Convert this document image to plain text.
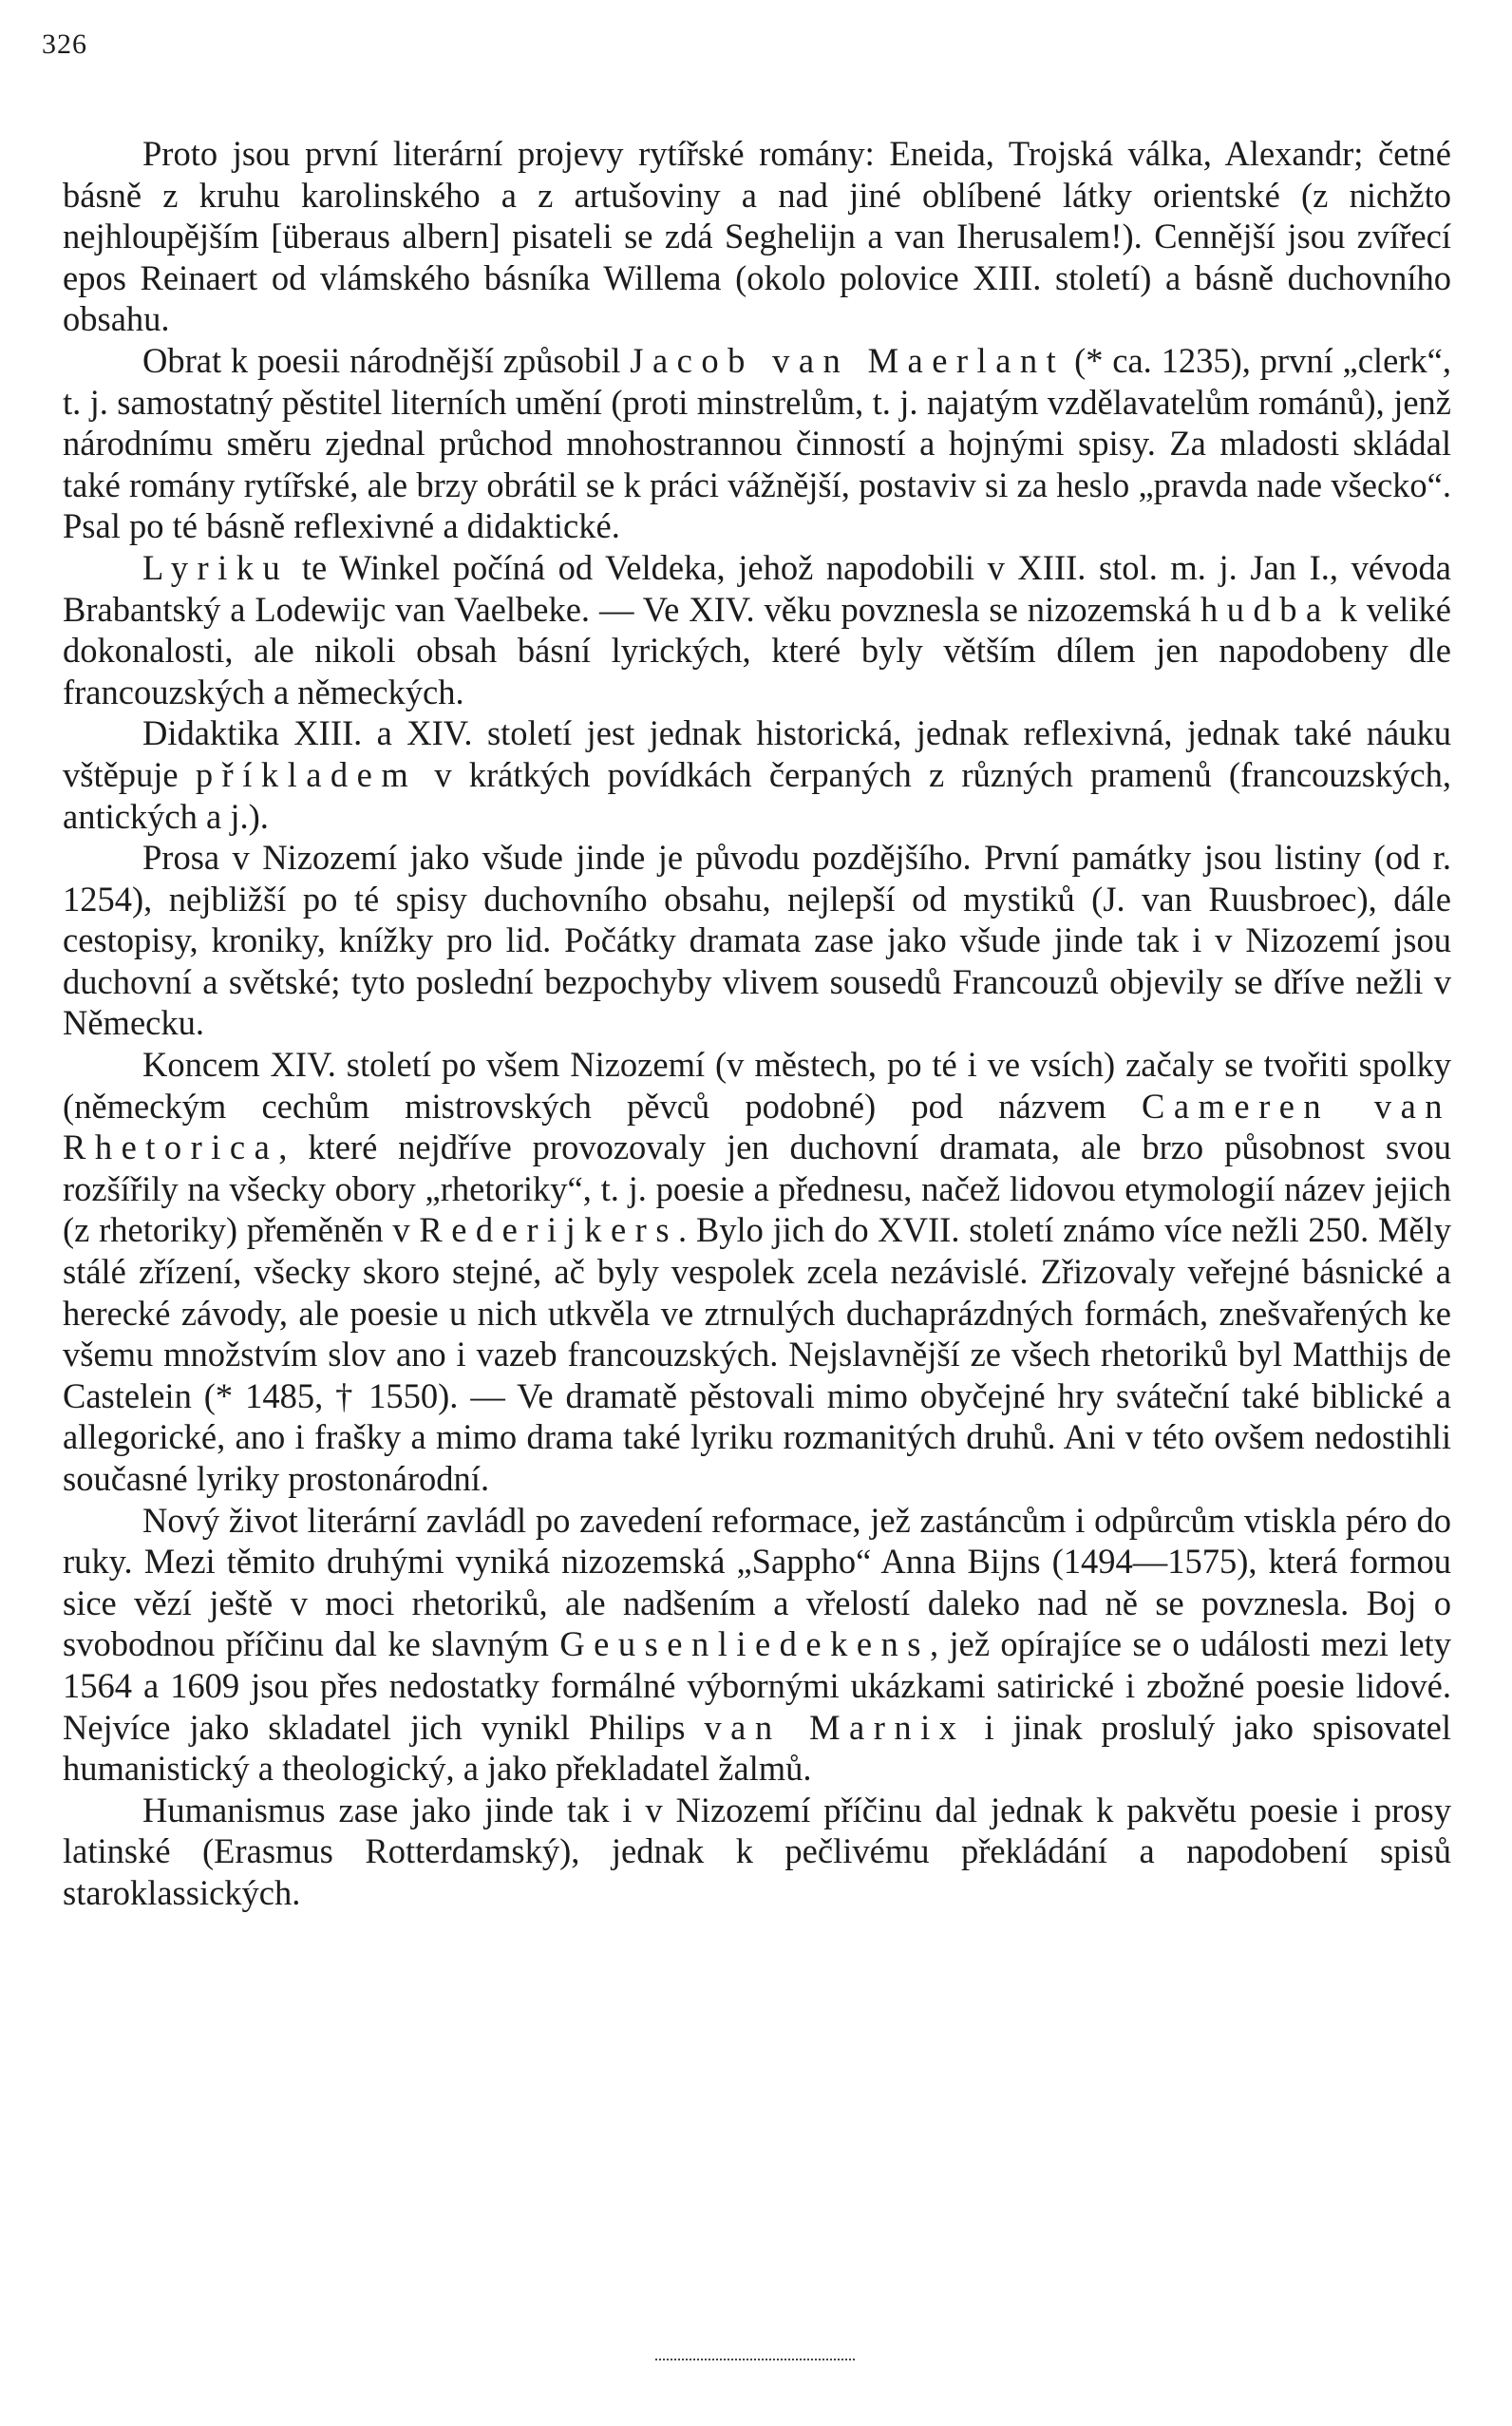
326

Proto jsou první literární projevy rytířské romány: Eneida, Trojská válka, Alexandr; četné básně z kruhu karolinského a z artušoviny a nad jiné oblíbené látky orientské (z nichžto nejhloupějším [überaus albern] pisateli se zdá Seghelijn a van Iherusalem!). Cennější jsou zvířecí epos Reinaert od vlámského básníka Willema (okolo polovice XIII. století) a básně duchovního obsahu.

Obrat k poesii národnější způsobil Jacob van Maerlant (* ca. 1235), první „clerk“, t. j. samostatný pěstitel literních umění (proti minstrelům, t. j. najatým vzdělavatelům románů), jenž národnímu směru zjednal průchod mnohostrannou činností a hojnými spisy. Za mladosti skládal také romány rytířské, ale brzy obrátil se k práci vážnější, postaviv si za heslo „pravda nade všecko“. Psal po té básně reflexivné a didaktické.

Lyriku te Winkel počíná od Veldeka, jehož napodobili v XIII. stol. m. j. Jan I., vévoda Brabantský a Lodewijc van Vaelbeke. — Ve XIV. věku povznesla se nizozemská hudba k veliké dokonalosti, ale nikoli obsah básní lyrických, které byly větším dílem jen napodobeny dle francouzských a německých.

Didaktika XIII. a XIV. století jest jednak historická, jednak reflexivná, jednak také náuku vštěpuje příkladem v krátkých povídkách čerpaných z různých pramenů (francouzských, antických a j.).

Prosa v Nizozemí jako všude jinde je původu pozdějšího. První památky jsou listiny (od r. 1254), nejbližší po té spisy duchovního obsahu, nejlepší od mystiků (J. van Ruusbroec), dále cestopisy, kroniky, knížky pro lid. Počátky dramata zase jako všude jinde tak i v Nizozemí jsou duchovní a světské; tyto poslední bezpochyby vlivem sousedů Francouzů objevily se dříve nežli v Německu.

Koncem XIV. století po všem Nizozemí (v městech, po té i ve vsích) začaly se tvořiti spolky (německým cechům mistrovských pěvců podobné) pod názvem Cameren van Rhetorica, které nejdříve provozovaly jen duchovní dramata, ale brzo působnost svou rozšířily na všecky obory „rhetoriky“, t. j. poesie a přednesu, načež lidovou etymologií název jejich (z rhetoriky) přeměněn v Rederijkers. Bylo jich do XVII. století známo více nežli 250. Měly stálé zřízení, všecky skoro stejné, ač byly vespolek zcela nezávislé. Zřizovaly veřejné básnické a herecké závody, ale poesie u nich utkvěla ve ztrnulých duchaprázdných formách, znešvařených ke všemu množstvím slov ano i vazeb francouzských. Nejslavnější ze všech rhetoriků byl Matthijs de Castelein (* 1485, † 1550). — Ve dramatě pěstovali mimo obyčejné hry sváteční také biblické a allegorické, ano i frašky a mimo drama také lyriku rozmanitých druhů. Ani v této ovšem nedostihli současné lyriky prostonárodní.

Nový život literární zavládl po zavedení reformace, jež zastáncům i odpůrcům vtiskla péro do ruky. Mezi těmito druhými vyniká nizozemská „Sappho“ Anna Bijns (1494—1575), která formou sice vězí ještě v moci rhetoriků, ale nadšením a vřelostí daleko nad ně se povznesla. Boj o svobodnou příčinu dal ke slavným Geusenliedekens, jež opírajíce se o události mezi lety 1564 a 1609 jsou přes nedostatky formálné výbornými ukázkami satirické i zbožné poesie lidové. Nejvíce jako skladatel jich vynikl Philips van Marnix i jinak proslulý jako spisovatel humanistický a theologický, a jako překladatel žalmů.

Humanismus zase jako jinde tak i v Nizozemí příčinu dal jednak k pakvětu poesie i prosy latinské (Erasmus Rotterdamský), jednak k pečlivému překládání a napodobení spisů staroklassických.
